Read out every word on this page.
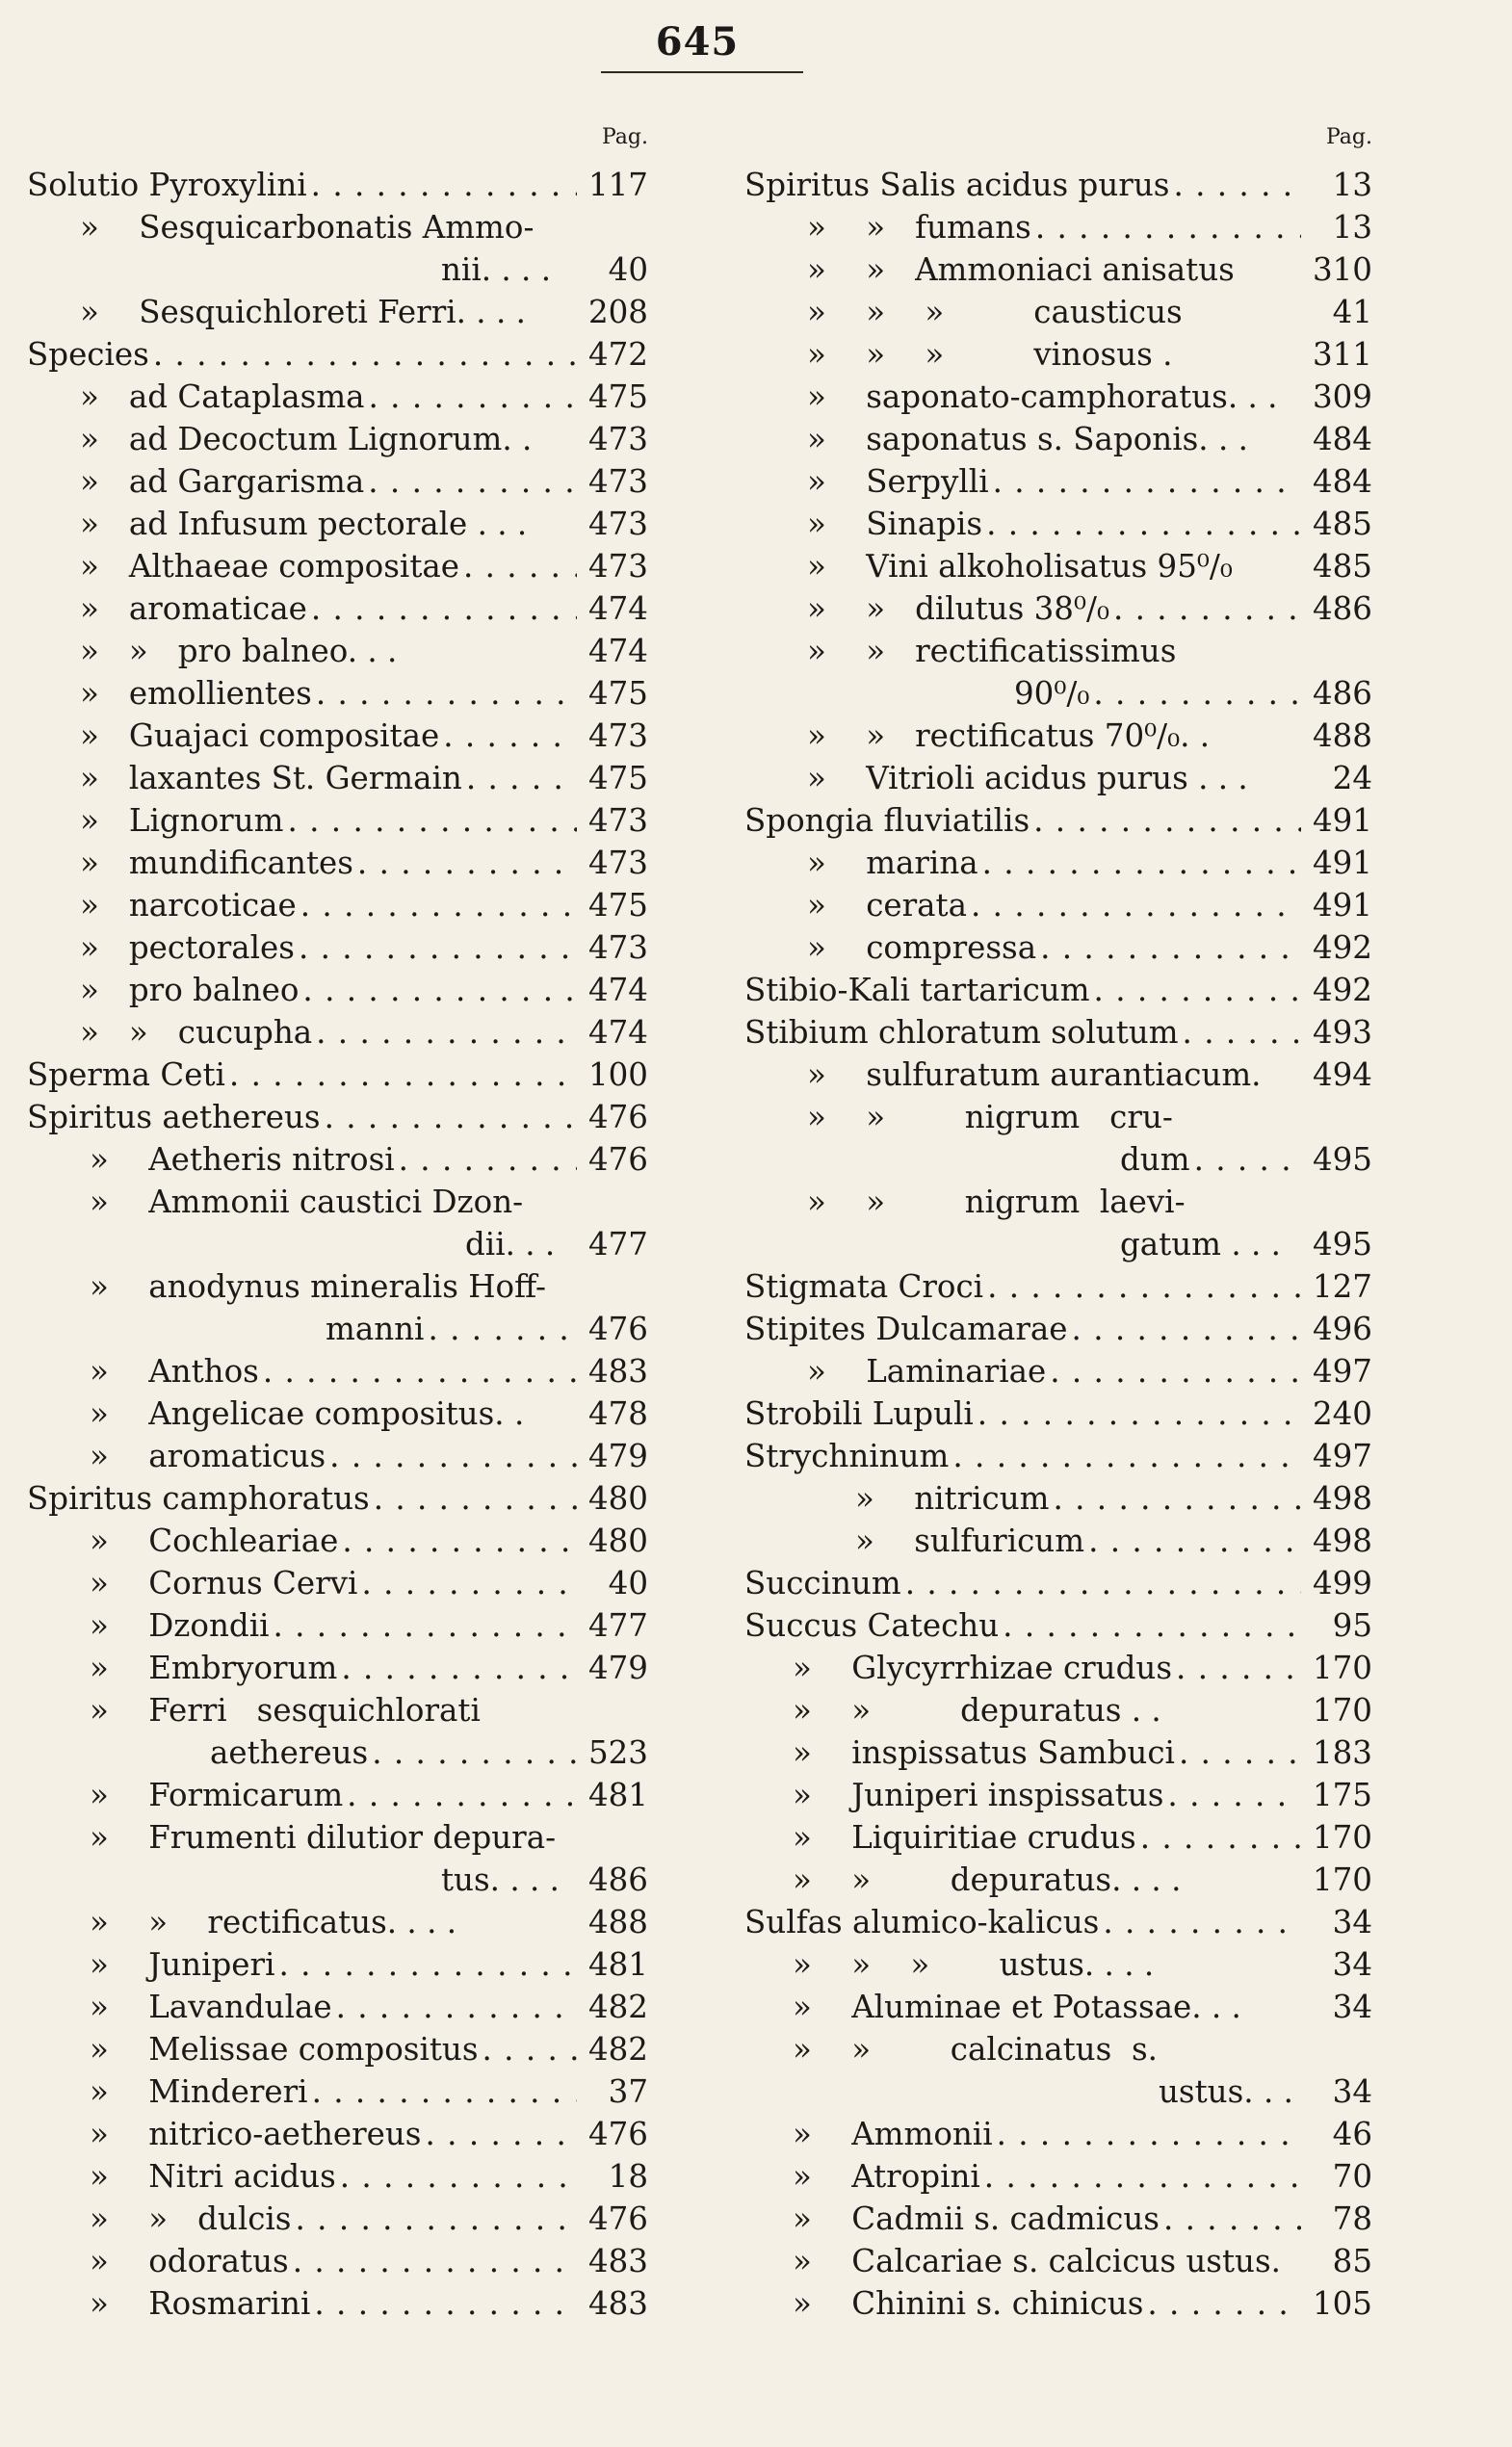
645
Pag.
Solutio Pyroxylini . . .	117
»    Sesquicarbonatis Ammo-
nii. . . .	40
»    Sesquichloreti Ferri. . . . 208
Species . . .	472
»   ad Cataplasma . . .	475
»   ad Decoctum Lignorum. . 473
»   ad Gargarisma . . .	473
»   ad Infusum pectorale . . . 473
»   Althaeae compositae . . .	473
»   aromaticae . . .	474
»   »   pro balneo. . .	474
»   emollientes . . .	475
»   Guajaci compositae . . .	473
»   laxantes St. Germain . . .	475
»   Lignorum . . .	473
»   mundificantes . . .	473
»   narcoticae . . .	475
»   pectorales . . .	473
»   pro balneo . . .	474
»   »   cucupha . . .	474
Sperma Ceti . . .	100
Spiritus aethereus . . .	476
»    Aetheris nitrosi . . .	476
»    Ammonii caustici Dzon-
dii. . . 477
»    anodynus mineralis Hoff-
manni . . .	476
»    Anthos . . .	483
»    Angelicae compositus. . 478
»    aromaticus . . .	479
Spiritus camphoratus . . .	480
»    Cochleariae . . .	480
»    Cornus Cervi . . .	40
»    Dzondii . . .	477
»    Embryorum . . .	479
»    Ferri   sesquichlorati
aethereus . . .	523
»    Formicarum . . .	481
»    Frumenti dilutior depura-
tus. . . . 486
»    »    rectificatus. . . .	488
»    Juniperi . . .	481
»    Lavandulae . . .	482
»    Melissae compositus . . .	482
»    Mindereri . . .	37
»    nitrico-aethereus . . .	476
»    Nitri acidus . . .	18
»    »   dulcis . . .	476
»    odoratus . . .	483
»    Rosmarini . . .	483
Pag.
Spiritus Salis acidus purus . . .	13
»    »   fumans . . .	13
»    »   Ammoniaci anisatus 310
»    »    »         causticus	41
»    »    »         vinosus .	311
»    saponato-camphoratus. . . 309
»    saponatus s. Saponis. . . 484
»    Serpylli . . .	484
»    Sinapis . . .	485
»    Vini alkoholisatus 95⁰/₀	485
»    »   dilutus 38⁰/₀ . . .	486
»    »   rectificatissimus
90⁰/₀ . . .	486
»    »   rectificatus 70⁰/₀. .	488
»    Vitrioli acidus purus . . .	24
Spongia fluviatilis . . .	491
»    marina . . .	491
»    cerata . . .	491
»    compressa . . .	492
Stibio-Kali tartaricum . . .	492
Stibium chloratum solutum . . .	493
»    sulfuratum aurantiacum. 494
»    »        nigrum   cru-
dum . . .	495
»    »        nigrum  laevi-
gatum . . . 495
Stigmata Croci . . .	127
Stipites Dulcamarae . . .	496
»    Laminariae . . .	497
Strobili Lupuli . . .	240
Strychninum . . .	497
»    nitricum . . .	498
»    sulfuricum . . .	498
Succinum . . .	499
Succus Catechu . . .	95
»    Glycyrrhizae crudus . . .	170
»    »         depuratus . .	170
»    inspissatus Sambuci . . .	183
»    Juniperi inspissatus . . .	175
»    Liquiritiae crudus . . .	170
»    »        depuratus. . . .	170
Sulfas alumico-kalicus . . .	34
»    »    »       ustus. . . .	34
»    Aluminae et Potassae. . .	34
»    »        calcinatus  s.
ustus. . .	34
»    Ammonii . . .	46
»    Atropini . . .	70
»    Cadmii s. cadmicus . . .	78
»    Calcariae s. calcicus ustus.	85
»    Chinini s. chinicus . . .	105
